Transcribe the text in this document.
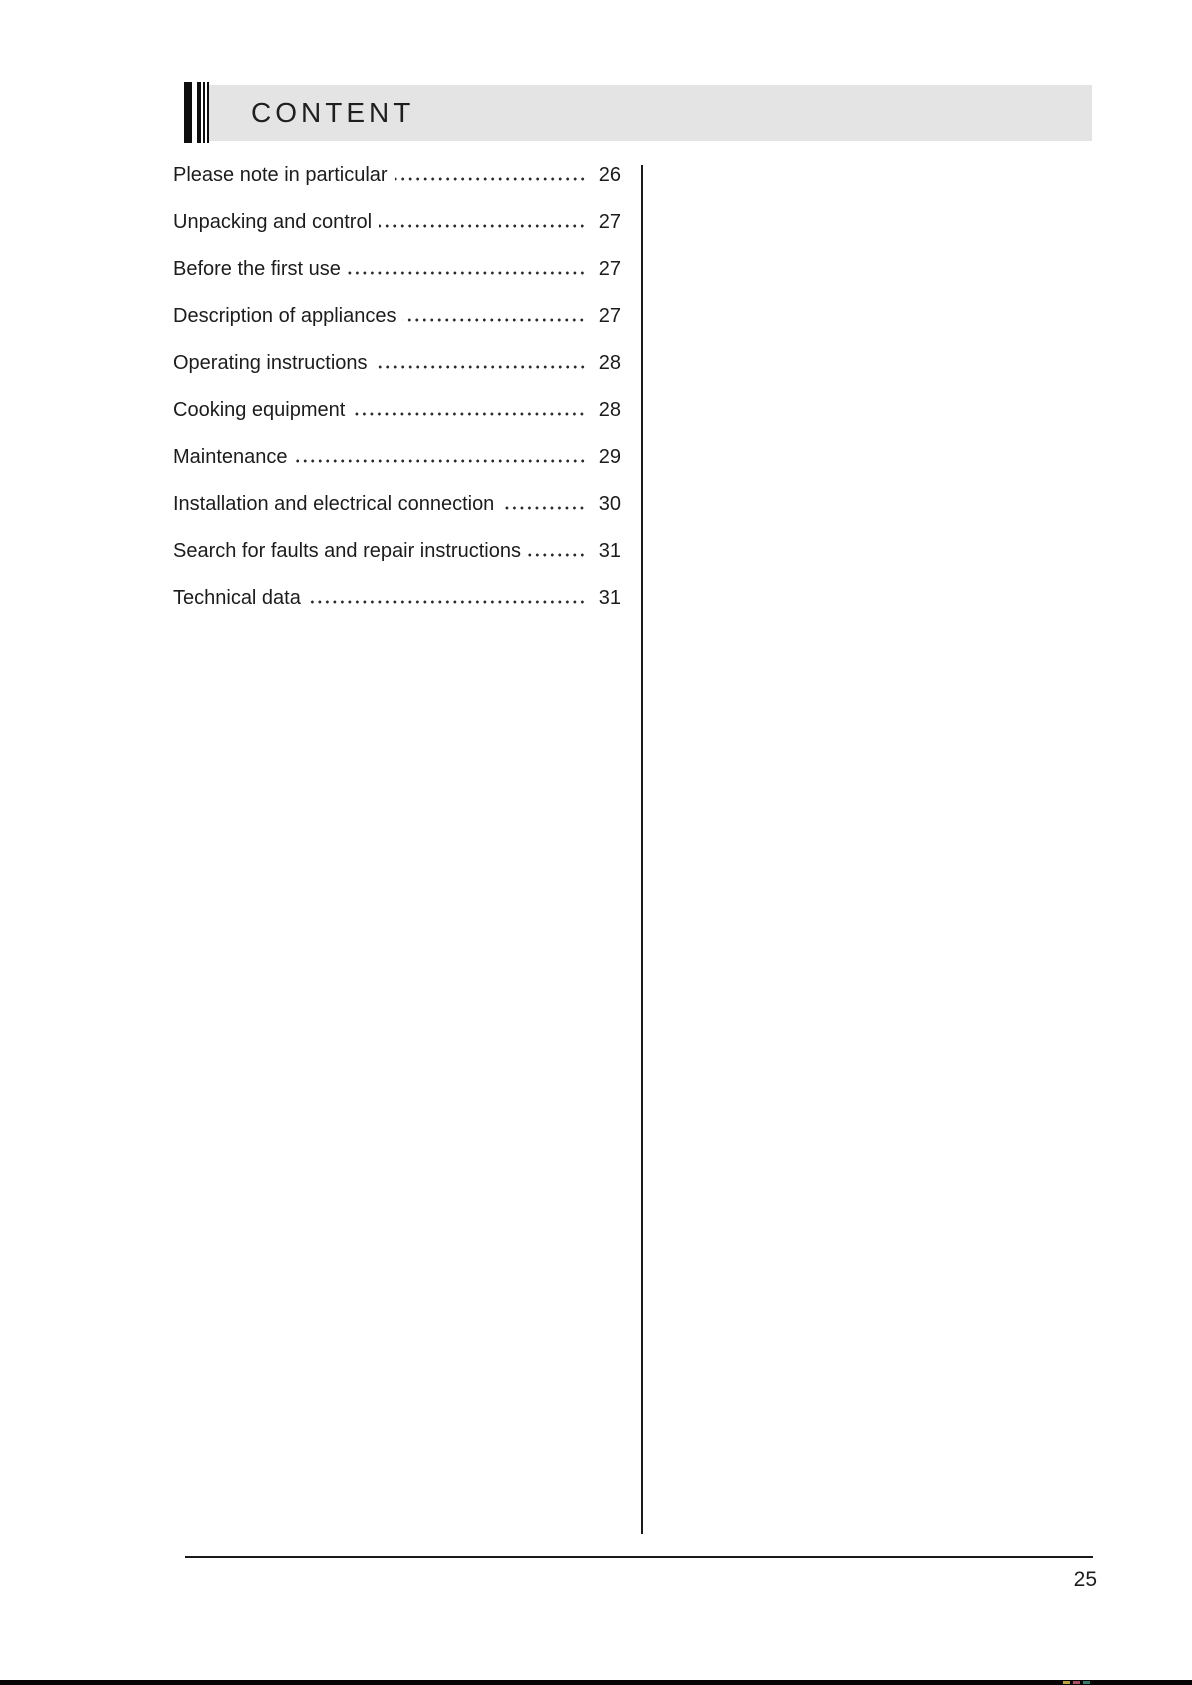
CONTENT
Please note in particular	26
Unpacking and control	27
Before the first use	27
Description of appliances	27
Operating instructions	28
Cooking equipment	28
Maintenance	29
Installation and electrical connection	30
Search for faults and repair instructions	31
Technical data	31
25
